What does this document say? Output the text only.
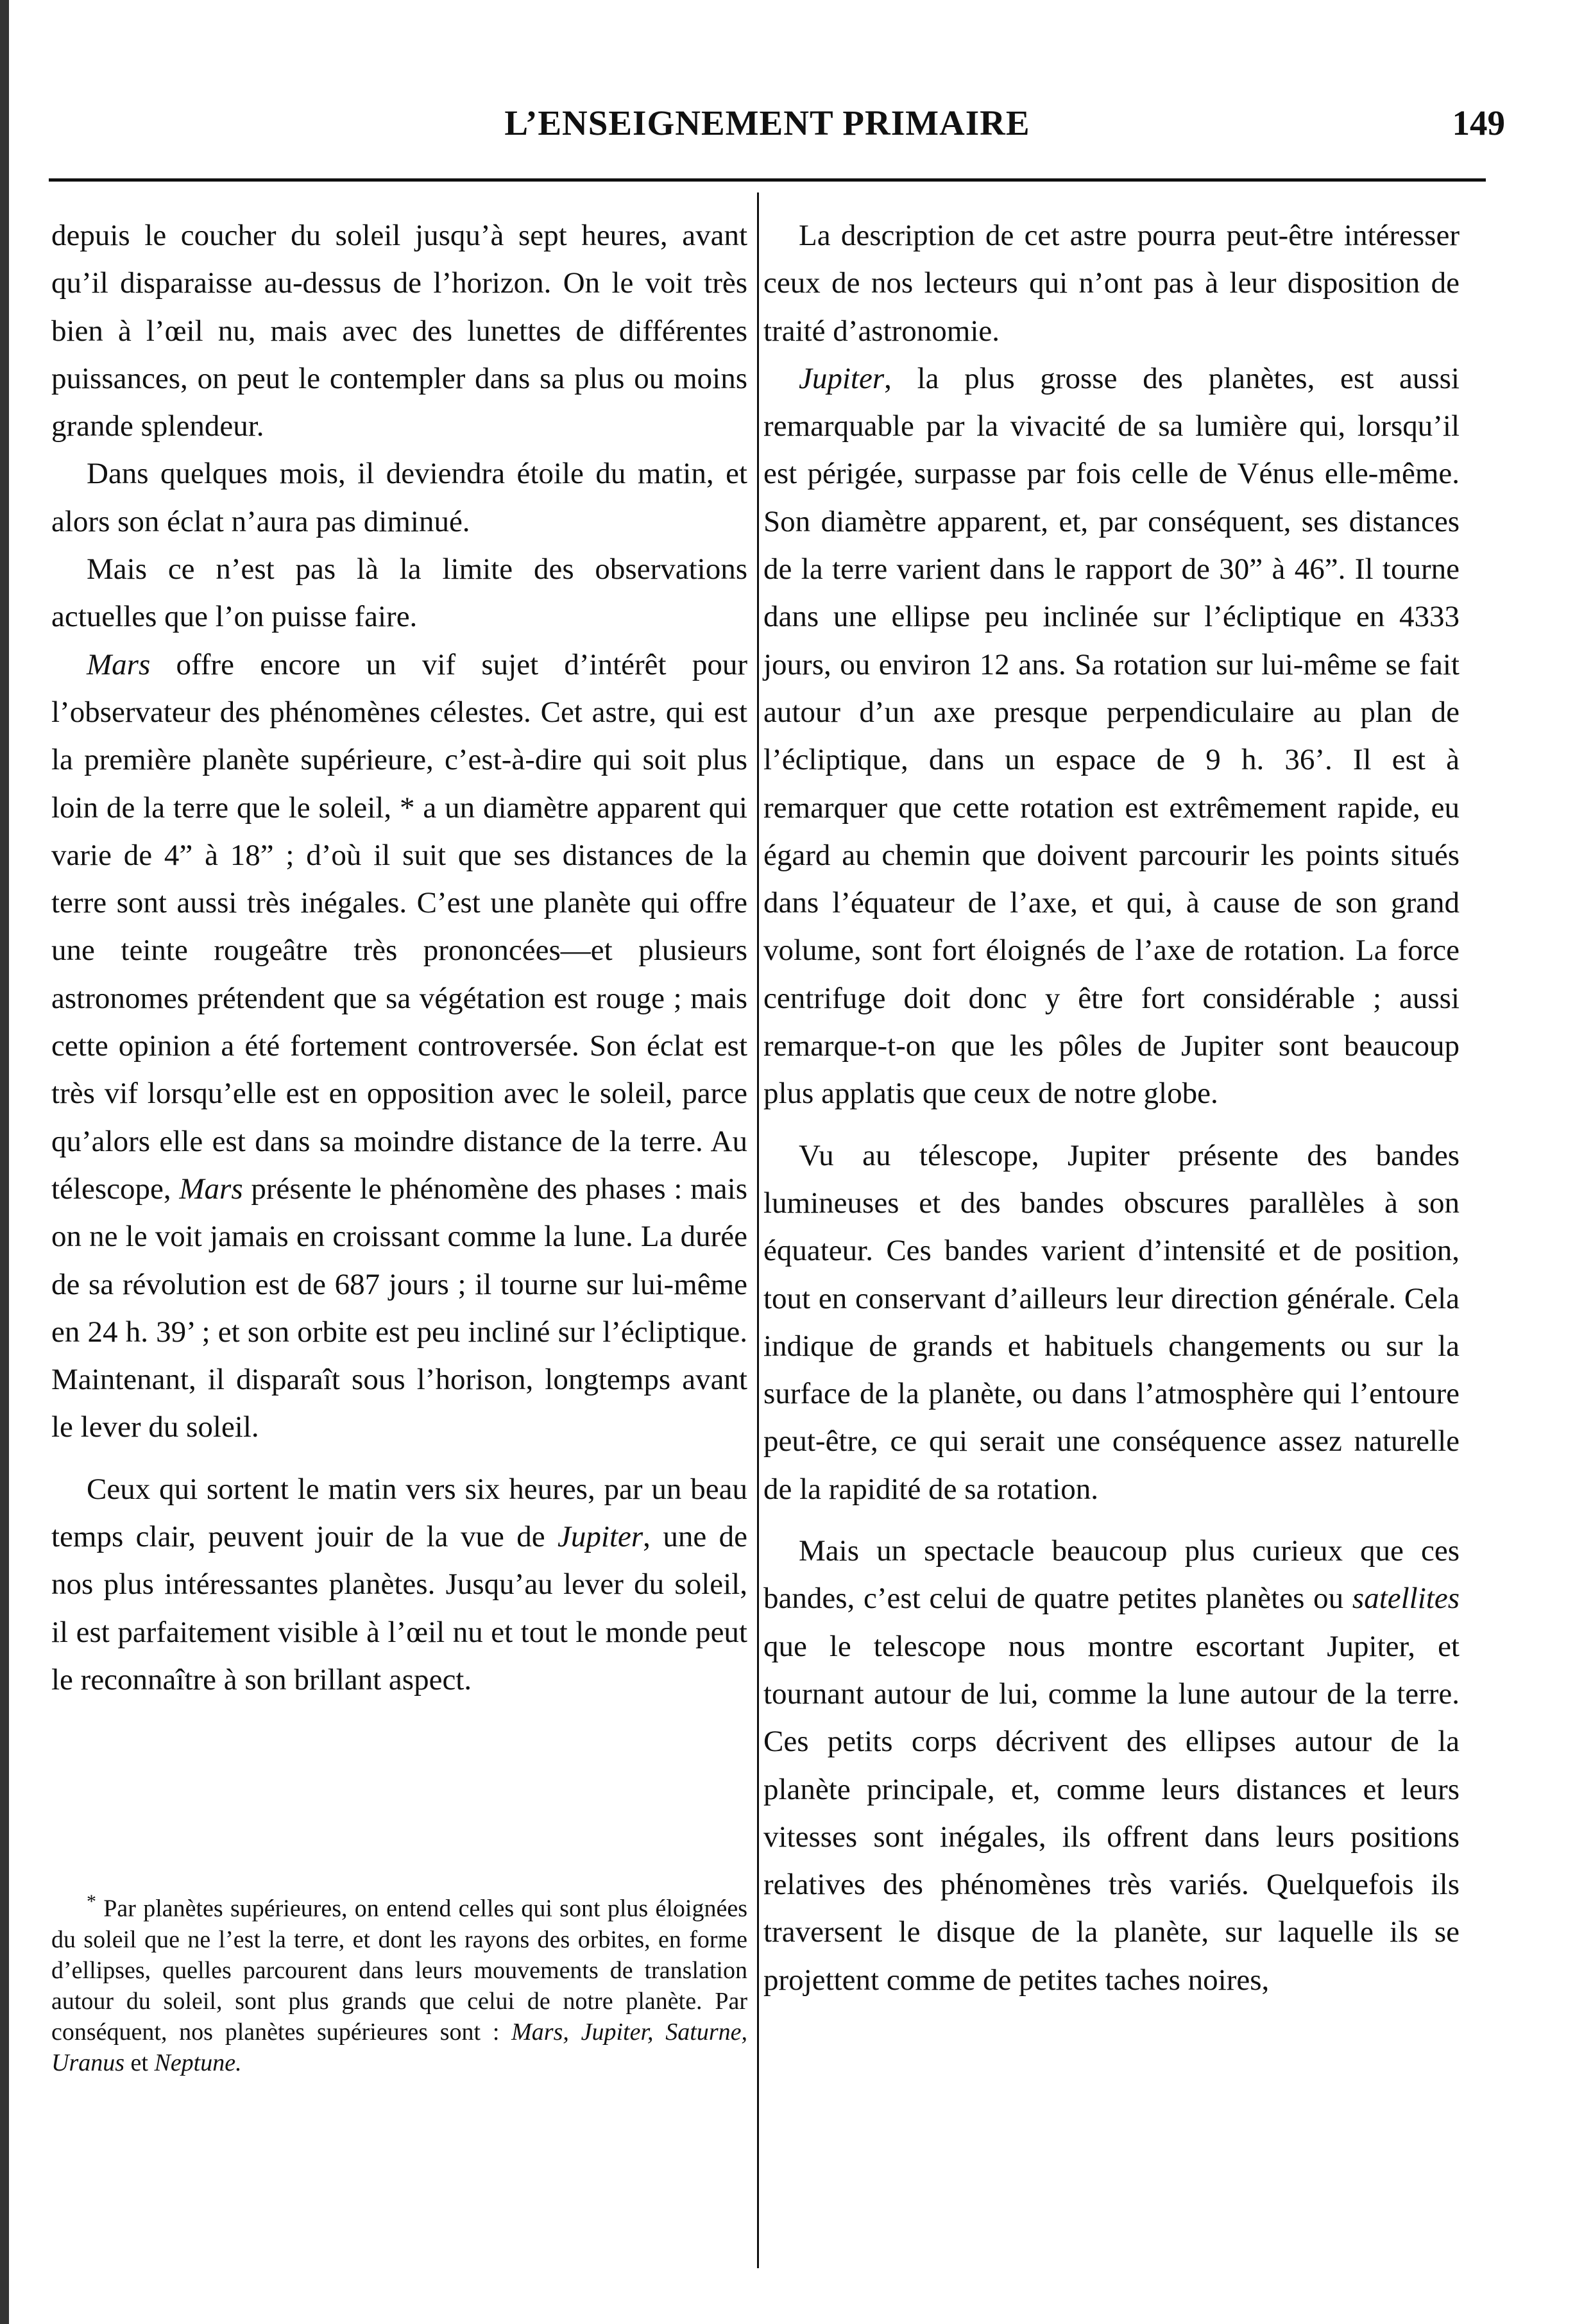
L’ENSEIGNEMENT PRIMAIRE	149

depuis le coucher du soleil jusqu’à sept heures, avant qu’il disparaisse au-dessus de l’horizon. On le voit très bien à l’œil nu, mais avec des lunettes de différentes puissances, on peut le contempler dans sa plus ou moins grande splendeur.

Dans quelques mois, il deviendra étoile du matin, et alors son éclat n’aura pas diminué.

Mais ce n’est pas là la limite des observations actuelles que l’on puisse faire.

Mars offre encore un vif sujet d’intérêt pour l’observateur des phénomènes célestes. Cet astre, qui est la première planète supérieure, c’est-à-dire qui soit plus loin de la terre que le soleil, * a un diamètre apparent qui varie de 4” à 18” ; d’où il suit que ses distances de la terre sont aussi très inégales. C’est une planète qui offre une teinte rougeâtre très prononcées—et plusieurs astronomes prétendent que sa végétation est rouge ; mais cette opinion a été fortement controversée. Son éclat est très vif lorsqu’elle est en opposition avec le soleil, parce qu’alors elle est dans sa moindre distance de la terre. Au télescope, Mars présente le phénomène des phases : mais on ne le voit jamais en croissant comme la lune. La durée de sa révolution est de 687 jours ; il tourne sur lui-même en 24 h. 39’ ; et son orbite est peu incliné sur l’écliptique. Maintenant, il disparaît sous l’horison, longtemps avant le lever du soleil.

Ceux qui sortent le matin vers six heures, par un beau temps clair, peuvent jouir de la vue de Jupiter, une de nos plus intéressantes planètes. Jusqu’au lever du soleil, il est parfaitement visible à l’œil nu et tout le monde peut le reconnaître à son brillant aspect.

* Par planètes supérieures, on entend celles qui sont plus éloignées du soleil que ne l’est la terre, et dont les rayons des orbites, en forme d’ellipses, quelles parcourent dans leurs mouvements de translation autour du soleil, sont plus grands que celui de notre planète. Par conséquent, nos planètes supérieures sont : Mars, Jupiter, Saturne, Uranus et Neptune.

La description de cet astre pourra peut-être intéresser ceux de nos lecteurs qui n’ont pas à leur disposition de traité d’astronomie.

Jupiter, la plus grosse des planètes, est aussi remarquable par la vivacité de sa lumière qui, lorsqu’il est périgée, surpasse par fois celle de Vénus elle-même. Son diamètre apparent, et, par conséquent, ses distances de la terre varient dans le rapport de 30” à 46”. Il tourne dans une ellipse peu inclinée sur l’écliptique en 4333 jours, ou environ 12 ans. Sa rotation sur lui-même se fait autour d’un axe presque perpendiculaire au plan de l’écliptique, dans un espace de 9 h. 36’. Il est à remarquer que cette rotation est extrêmement rapide, eu égard au chemin que doivent parcourir les points situés dans l’équateur de l’axe, et qui, à cause de son grand volume, sont fort éloignés de l’axe de rotation. La force centrifuge doit donc y être fort considérable ; aussi remarque-t-on que les pôles de Jupiter sont beaucoup plus applatis que ceux de notre globe.

Vu au télescope, Jupiter présente des bandes lumineuses et des bandes obscures parallèles à son équateur. Ces bandes varient d’intensité et de position, tout en conservant d’ailleurs leur direction générale. Cela indique de grands et habituels changements ou sur la surface de la planète, ou dans l’atmosphère qui l’entoure peut-être, ce qui serait une conséquence assez naturelle de la rapidité de sa rotation.

Mais un spectacle beaucoup plus curieux que ces bandes, c’est celui de quatre petites planètes ou satellites que le telescope nous montre escortant Jupiter, et tournant autour de lui, comme la lune autour de la terre. Ces petits corps décrivent des ellipses autour de la planète principale, et, comme leurs distances et leurs vitesses sont inégales, ils offrent dans leurs positions relatives des phénomènes très variés. Quelquefois ils traversent le disque de la planète, sur laquelle ils se projettent comme de petites taches noires,
